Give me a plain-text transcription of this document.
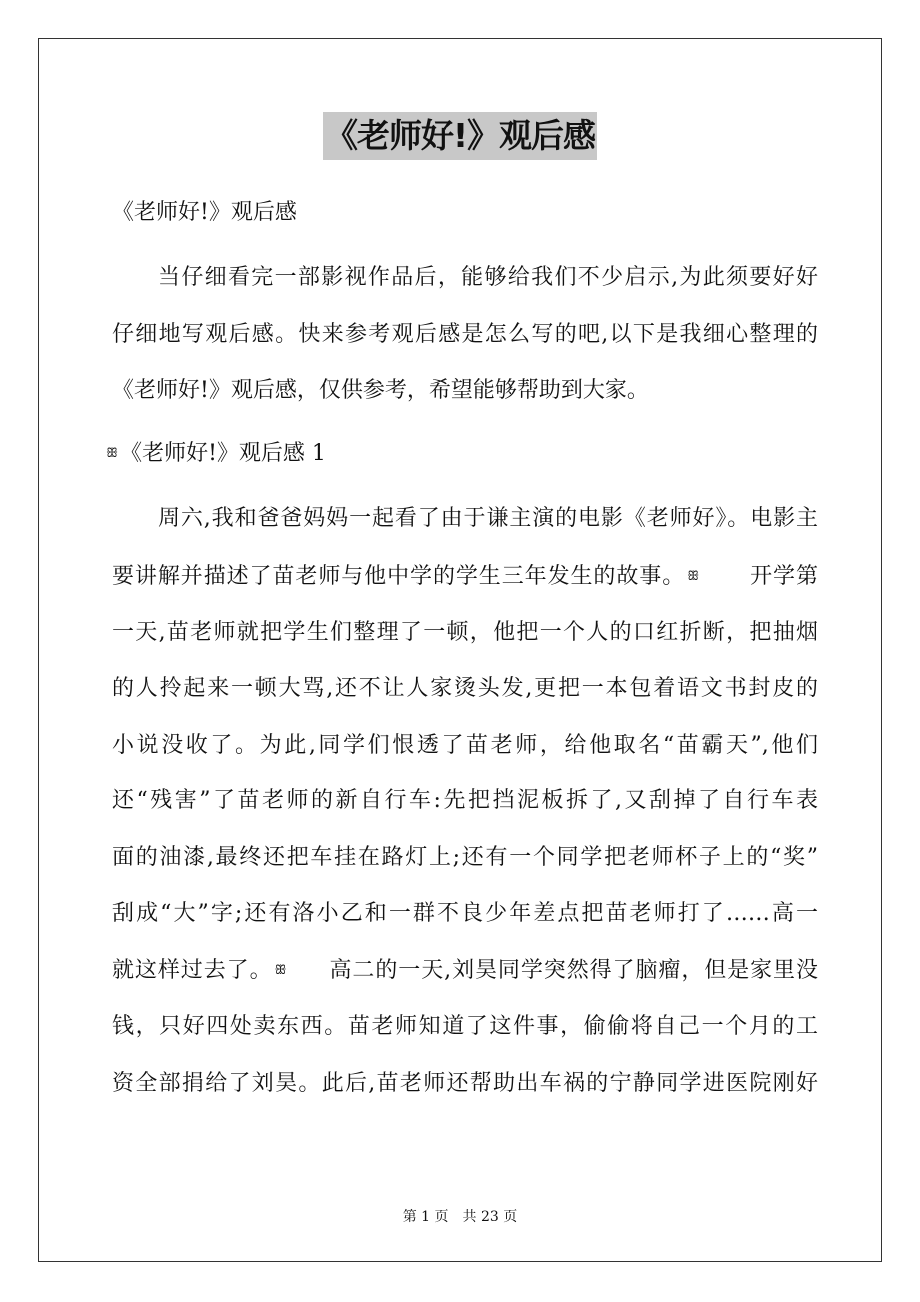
《老师好!》观后感
《老师好!》观后感
当仔细看完一部影视作品后，能够给我们不少启示,为此须要好好
仔细地写观后感。快来参考观后感是怎么写的吧,以下是我细心整理的
《老师好!》观后感，仅供参考，希望能够帮助到大家。
ꕥ《老师好!》观后感 1
周六,我和爸爸妈妈一起看了由于谦主演的电影《老师好》。电影主
要讲解并描述了苗老师与他中学的学生三年发生的故事。 ꕥ 开学第
一天,苗老师就把学生们整理了一顿，他把一个人的口红折断，把抽烟
的人拎起来一顿大骂,还不让人家烫头发,更把一本包着语文书封皮的
小说没收了。为此,同学们恨透了苗老师，给他取名“苗霸天”,他们
还“残害”了苗老师的新自行车:先把挡泥板拆了,又刮掉了自行车表
面的油漆,最终还把车挂在路灯上;还有一个同学把老师杯子上的“奖”
刮成“大”字;还有洛小乙和一群不良少年差点把苗老师打了……高一
就这样过去了。 ꕥ 高二的一天,刘昊同学突然得了脑瘤，但是家里没
钱，只好四处卖东西。苗老师知道了这件事，偷偷将自己一个月的工
资全部捐给了刘昊。此后,苗老师还帮助出车祸的宁静同学进医院刚好
第 1 页　共 23 页
